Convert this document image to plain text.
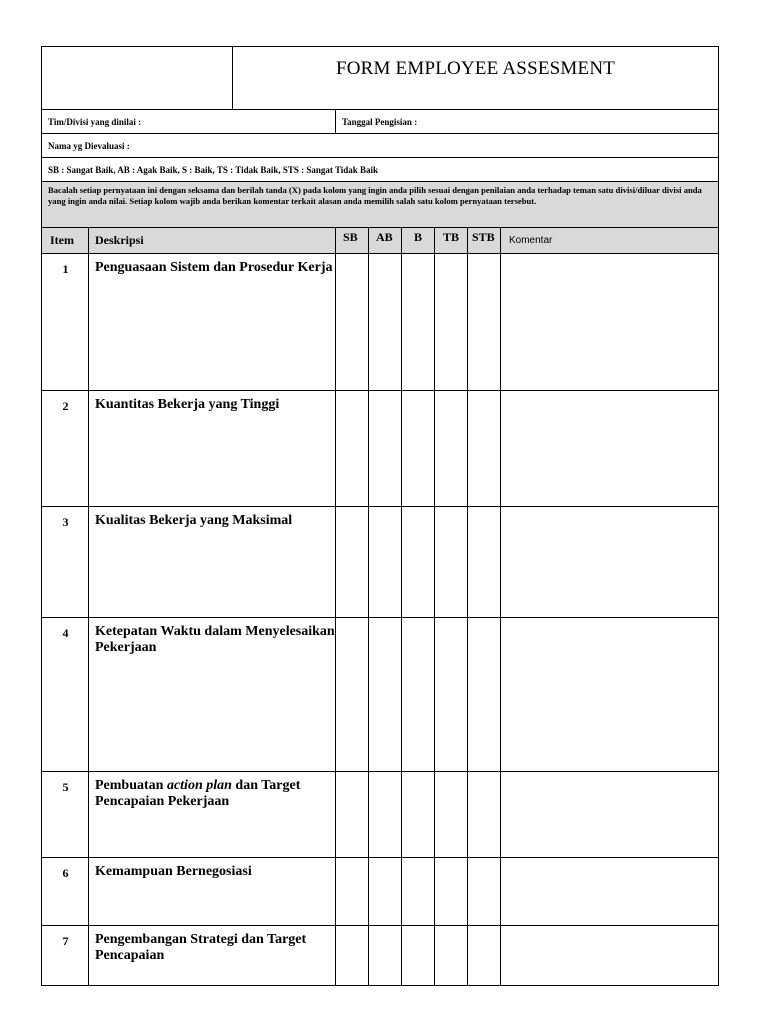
FORM EMPLOYEE ASSESMENT
Tim/Divisi yang dinilai :	Tanggal Pengisian :
Nama yg Dievaluasi :
SB : Sangat Baik, AB : Agak Baik, S : Baik, TS : Tidak Baik, STS : Sangat Tidak Baik
Bacalah setiap pernyataan ini dengan seksama dan berilah tanda (X) pada kolom yang ingin anda pilih sesuai dengan penilaian anda terhadap teman satu divisi/diluar divisi anda yang ingin anda nilai. Setiap kolom wajib anda berikan komentar terkait alasan anda memilih salah satu kolom pernyataan tersebut.
Item Deskripsi	SB AB B TB STB Komentar
1	Penguasaan Sistem dan Prosedur Kerja
2	Kuantitas Bekerja yang Tinggi
3	Kualitas Bekerja yang Maksimal
4	Ketepatan Waktu dalam Menyelesaikan Pekerjaan
5	Pembuatan action plan dan Target Pencapaian Pekerjaan
6	Kemampuan Bernegosiasi
7	Pengembangan Strategi dan Target Pencapaian
